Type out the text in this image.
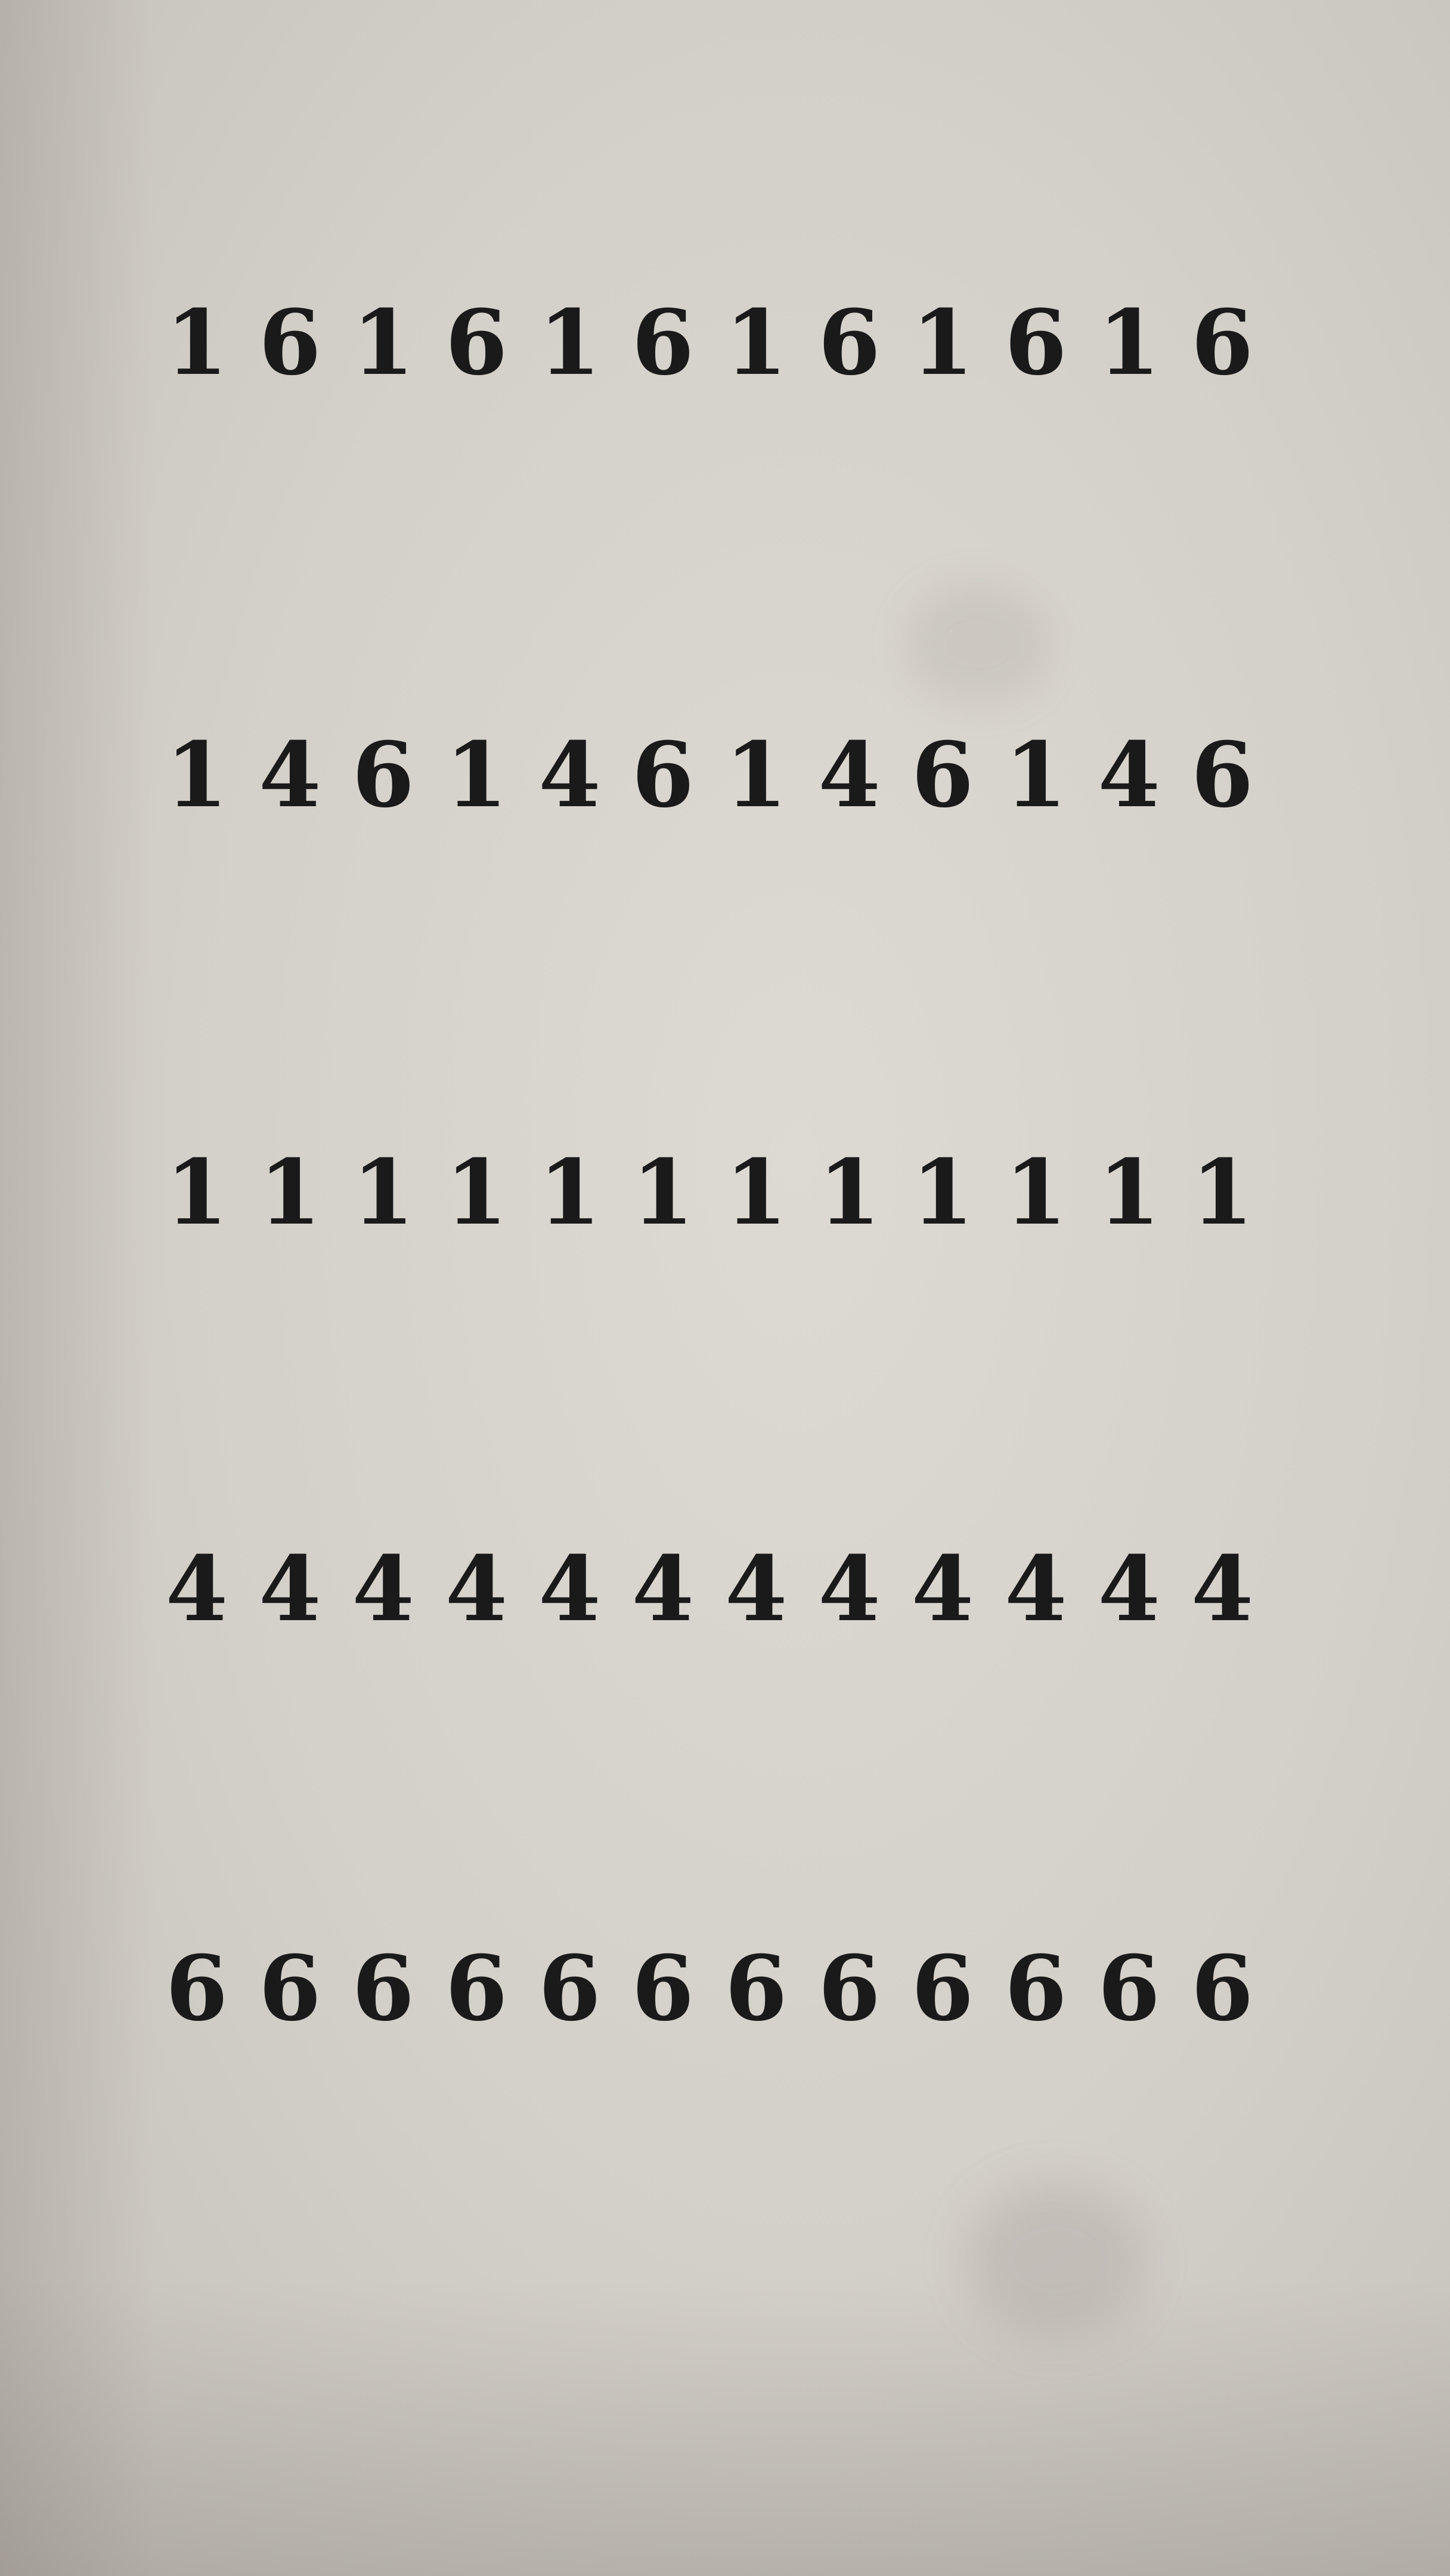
161616161616
146146146146
111111111111
444444444444
666666666666
